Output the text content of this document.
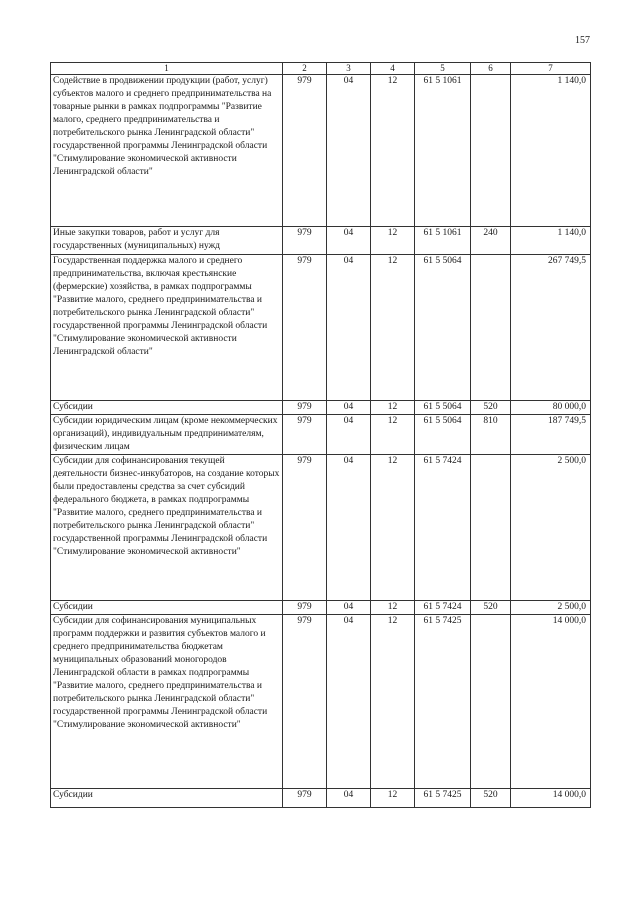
157
1	2	3	4	5	6	7
Содействие в продвижении продукции (работ, услуг) субъектов малого и среднего предпринимательства на товарные рынки в рамках подпрограммы "Развитие малого, среднего предпринимательства и потребительского рынка Ленинградской области" государственной программы Ленинградской области "Стимулирование экономической активности Ленинградской области"	979	04	12	61 5 1061		1 140,0
Иные закупки товаров, работ и услуг для государственных (муниципальных) нужд	979	04	12	61 5 1061	240	1 140,0
Государственная поддержка малого и среднего предпринимательства, включая крестьянские (фермерские) хозяйства, в рамках подпрограммы "Развитие малого, среднего предпринимательства и потребительского рынка Ленинградской области" государственной программы Ленинградской области "Стимулирование экономической активности Ленинградской области"	979	04	12	61 5 5064		267 749,5
Субсидии	979	04	12	61 5 5064	520	80 000,0
Субсидии юридическим лицам (кроме некоммерческих организаций), индивидуальным предпринимателям, физическим лицам	979	04	12	61 5 5064	810	187 749,5
Субсидии для софинансирования текущей деятельности бизнес-инкубаторов, на создание которых были предоставлены средства за счет субсидий федерального бюджета, в рамках подпрограммы "Развитие малого, среднего предпринимательства и потребительского рынка Ленинградской области" государственной программы Ленинградской области "Стимулирование экономической активности"	979	04	12	61 5 7424		2 500,0
Субсидии	979	04	12	61 5 7424	520	2 500,0
Субсидии для софинансирования муниципальных программ поддержки и развития субъектов малого и среднего предпринимательства бюджетам муниципальных образований моногородов Ленинградской области в рамках подпрограммы "Развитие малого, среднего предпринимательства и потребительского рынка Ленинградской области" государственной программы Ленинградской области "Стимулирование экономической активности"	979	04	12	61 5 7425		14 000,0
Субсидии	979	04	12	61 5 7425	520	14 000,0
